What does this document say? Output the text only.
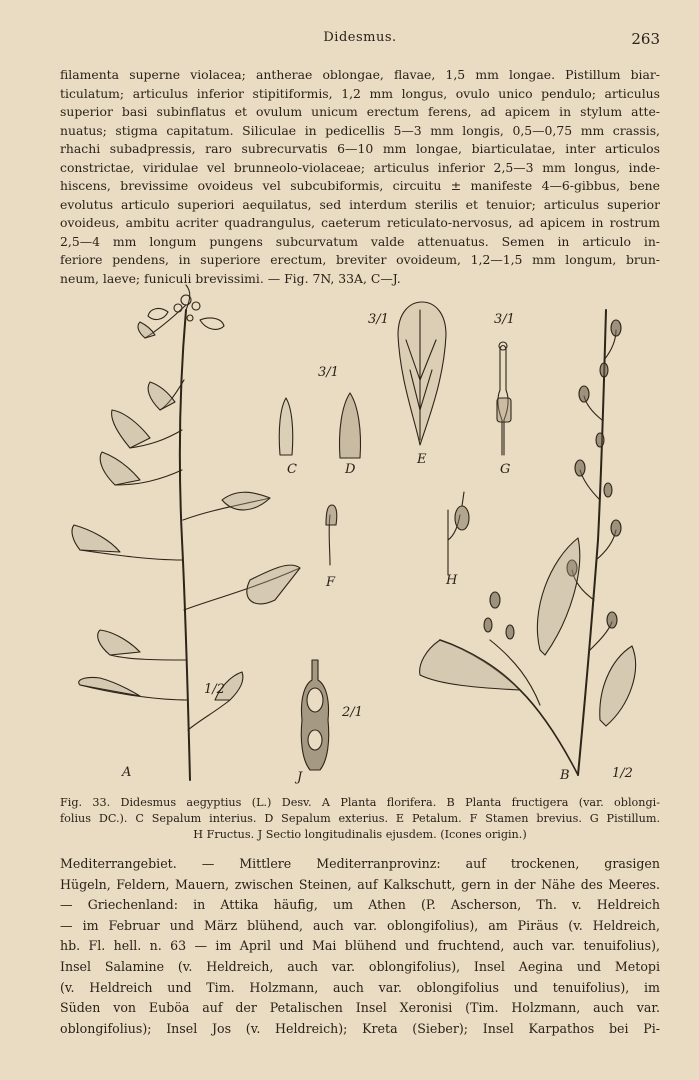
Didesmus.	263
filamenta superne violacea; antherae oblongae, flavae, 1,5 mm longae. Pistillum biar-
ticulatum; articulus inferior stipitiformis, 1,2 mm longus, ovulo unico pendulo; articulus
superior basi subinflatus et ovulum unicum erectum ferens, ad apicem in stylum atte-
nuatus; stigma capitatum. Siliculae in pedicellis 5—3 mm longis, 0,5—0,75 mm crassis,
rhachi subadpressis, raro subrecurvatis 6—10 mm longae, biarticulatae, inter articulos
constrictae, viridulae vel brunneolo-violaceae; articulus inferior 2,5—3 mm longus, inde-
hiscens, brevissime ovoideus vel subcubiformis, circuitu ± manifeste 4—6-gibbus, bene
evolutus articulo superiori aequilatus, sed interdum sterilis et tenuior; articulus superior
ovoideus, ambitu acriter quadrangulus, caeterum reticulato-nervosus, ad apicem in rostrum
2,5—4 mm longum pungens subcurvatum valde attenuatus. Semen in articulo in-
feriore pendens, in superiore erectum, breviter ovoideum, 1,2—1,5 mm longum, brun-
neum, laeve; funiculi brevissimi. — Fig. 7N, 33A, C—J.
C	D
E
G
F	H
A	J	B
3/1
3/1	3/1
1/2
2/1
1/2
Fig. 33. Didesmus aegyptius (L.) Desv. A Planta florifera. B Planta fructigera (var. oblongi-
folius DC.). C Sepalum interius. D Sepalum exterius. E Petalum. F Stamen brevius. G Pistillum.
H Fructus. J Sectio longitudinalis ejusdem. (Icones origin.)
Mediterrangebiet. — Mittlere Mediterranprovinz: auf trockenen, grasigen
Hügeln, Feldern, Mauern, zwischen Steinen, auf Kalkschutt, gern in der Nähe des Meeres.
— Griechenland: in Attika häufig, um Athen (P. Ascherson, Th. v. Heldreich
— im Februar und März blühend, auch var. oblongifolius), am Piräus (v. Heldreich,
hb. Fl. hell. n. 63 — im April und Mai blühend und fruchtend, auch var. tenuifolius),
Insel Salamine (v. Heldreich, auch var. oblongifolius), Insel Aegina und Metopi
(v. Heldreich und Tim. Holzmann, auch var. oblongifolius und tenuifolius), im
Süden von Euböa auf der Petalischen Insel Xeronisi (Tim. Holzmann, auch var.
oblongifolius); Insel Jos (v. Heldreich); Kreta (Sieber); Insel Karpathos bei Pi-
